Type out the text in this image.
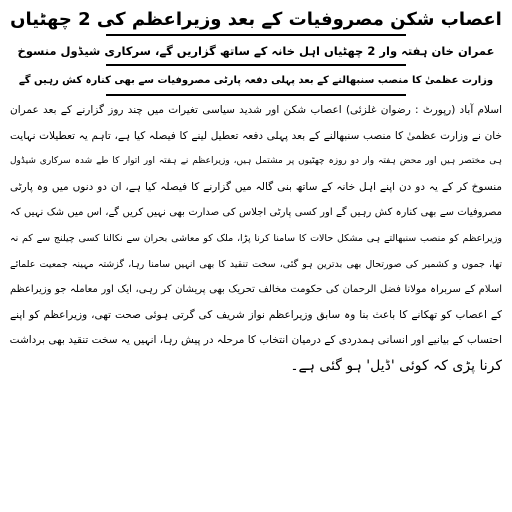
اعصاب شکن مصروفیات کے بعد وزیراعظم کی 2 چھٹیاں
عمران خان ہفتہ وار 2 چھٹیاں اہل خانہ کے ساتھ گزاریں گے، سرکاری شیڈول منسوخ
وزارت عظمیٰ کا منصب سنبھالنے کے بعد پہلی دفعہ پارٹی مصروفیات سے بھی کنارہ کش رہیں گے
اسلام آباد (رپورٹ : رضوان غلزئی) اعصاب شکن اور شدید سیاسی تغیرات میں چند روز گزارنے کے بعد عمران
خان نے وزارت عظمیٰ کا منصب سنبھالنے کے بعد پہلی دفعہ تعطیل لینے کا فیصلہ کیا ہے، تاہم یہ تعطیلات نہایت
ہی مختصر ہیں اور محض ہفتہ وار دو روزہ چھٹیوں پر مشتمل ہیں، وزیراعظم نے ہفتہ اور اتوار کا طے شدہ سرکاری شیڈول
منسوخ کر کے یہ دو دن اپنے اہل خانہ کے ساتھ بنی گالہ میں گزارنے کا فیصلہ کیا ہے، ان دو دنوں میں وہ پارٹی
مصروفیات سے بھی کنارہ کش رہیں گے اور کسی پارٹی اجلاس کی صدارت بھی نہیں کریں گے، اس میں شک نہیں کہ
وزیراعظم کو منصب سنبھالتے ہی مشکل حالات کا سامنا کرنا پڑا، ملک کو معاشی بحران سے نکالنا کسی چیلنج سے کم نہ
تھا، جموں و کشمیر کی صورتحال بھی بدترین ہو گئی، سخت تنقید کا بھی انہیں سامنا رہا، گزشتہ مہینہ جمعیت علمائے
اسلام کے سربراہ مولانا فضل الرحمان کی حکومت مخالف تحریک بھی پریشان کر رہی، ایک اور معاملہ جو وزیراعظم
کے اعصاب کو تھکانے کا باعث بنا وہ سابق وزیراعظم نواز شریف کی گرتی ہوئی صحت تھی، وزیراعظم کو اپنے
احتساب کے بیانیے اور انسانی ہمدردی کے درمیان انتخاب کا مرحلہ در پیش رہا، انہیں یہ سخت تنقید بھی برداشت
کرنا پڑی کہ کوئی 'ڈیل' ہو گئی ہے۔
